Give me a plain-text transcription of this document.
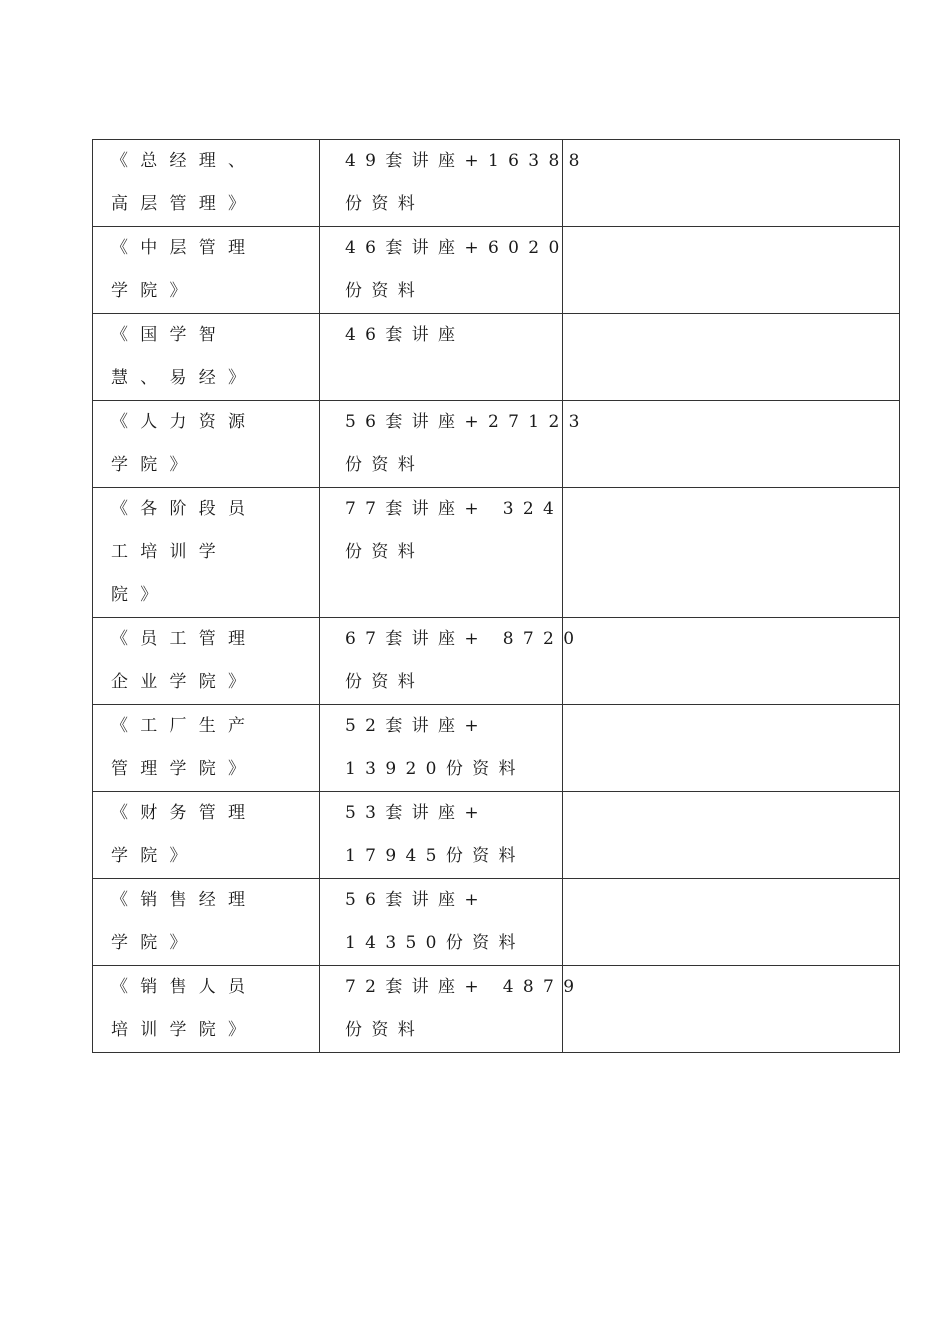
《总经理、
高层管理》	49套讲座+16388
份资料	

《中层管理
学院》	46套讲座+6020
份资料	

《国学智
慧、易经》	46套讲座	

《人力资源
学院》	56套讲座+27123
份资料	

《各阶段员
工培训学
院》	77套讲座+ 324
份资料	

《员工管理
企业学院》	67套讲座+ 8720
份资料	

《工厂生产
管理学院》	52套讲座+
13920份资料	

《财务管理
学院》	53套讲座+
17945份资料	

《销售经理
学院》	56套讲座+
14350份资料	

《销售人员
培训学院》	72套讲座+ 4879
份资料	
